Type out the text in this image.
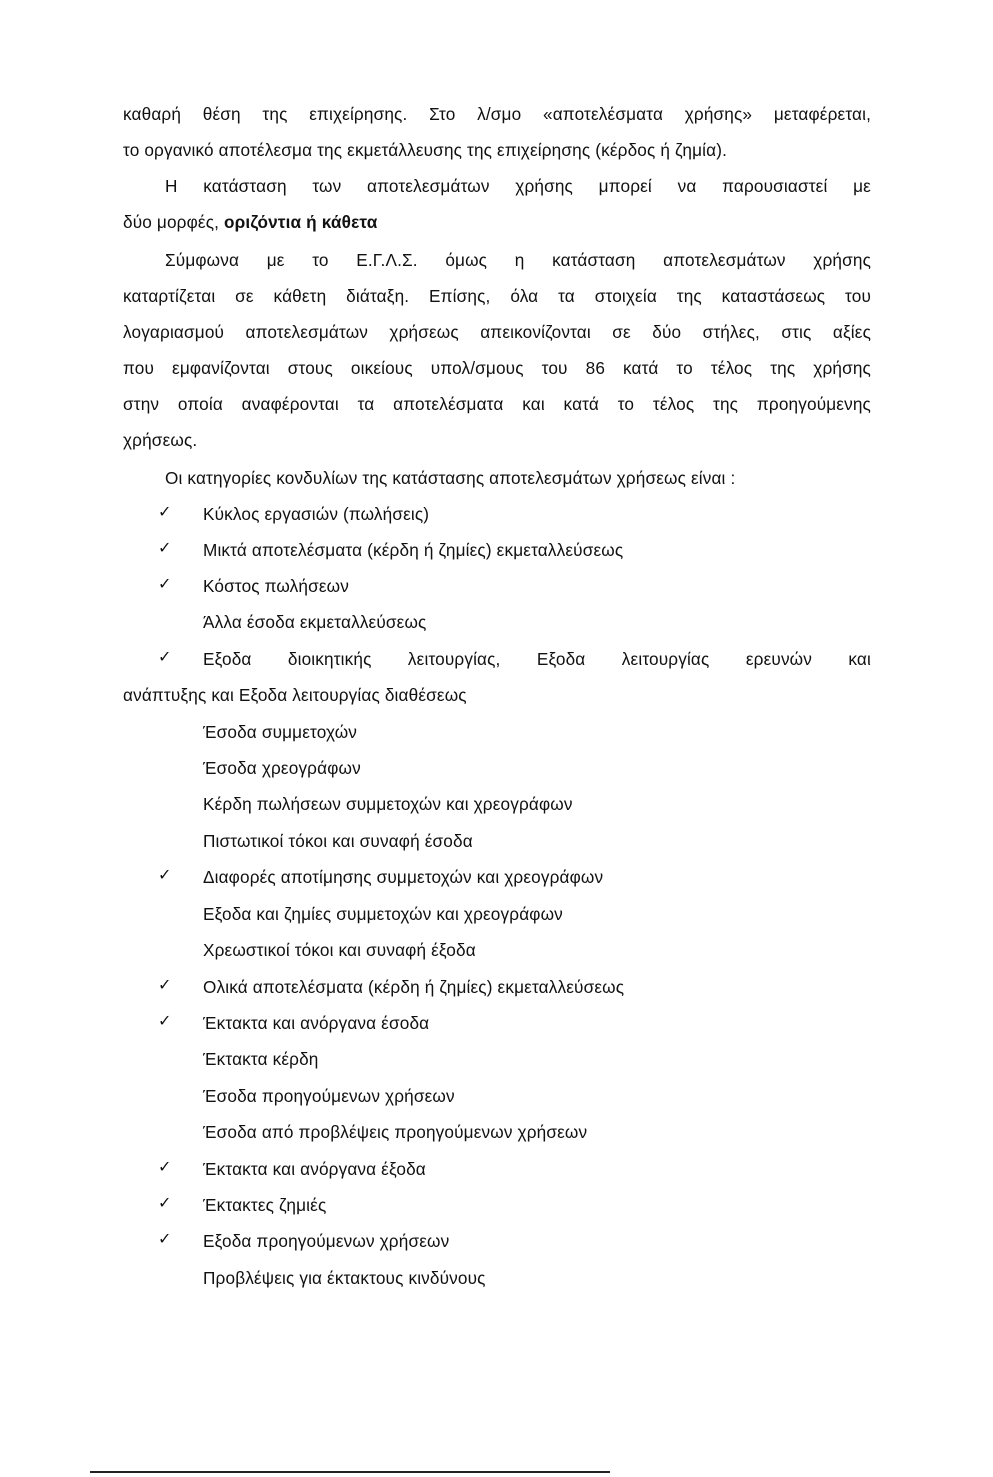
καθαρή θέση της επιχείρησης. Στο λ/σμο «αποτελέσματα χρήσης» μεταφέρεται,
το οργανικό αποτέλεσμα της εκμετάλλευσης της επιχείρησης (κέρδος ή ζημία).
Η κατάσταση των αποτελεσμάτων χρήσης μπορεί να παρουσιαστεί με
δύο μορφές, οριζόντια ή κάθετα
Σύμφωνα με το Ε.Γ.Λ.Σ. όμως η κατάσταση αποτελεσμάτων χρήσης
καταρτίζεται σε κάθετη διάταξη. Επίσης, όλα τα στοιχεία της καταστάσεως του
λογαριασμού αποτελεσμάτων χρήσεως απεικονίζονται σε δύο στήλες, στις αξίες
που εμφανίζονται στους οικείους υπολ/σμους του 86 κατά το τέλος της χρήσης
στην οποία αναφέρονται τα αποτελέσματα και κατά το τέλος της προηγούμενης
χρήσεως.
Οι κατηγορίες κονδυλίων της κατάστασης αποτελεσμάτων χρήσεως είναι :
✓	Κύκλος εργασιών (πωλήσεις)
✓	Μικτά αποτελέσματα (κέρδη ή ζημίες) εκμεταλλεύσεως
✓	Κόστος πωλήσεων
Άλλα έσοδα εκμεταλλεύσεως
✓	Εξοδα διοικητικής λειτουργίας, Εξοδα λειτουργίας ερευνών και
ανάπτυξης και Εξοδα λειτουργίας διαθέσεως
Έσοδα συμμετοχών
Έσοδα χρεογράφων
Κέρδη πωλήσεων συμμετοχών και χρεογράφων
Πιστωτικοί τόκοι και συναφή έσοδα
✓	Διαφορές αποτίμησης συμμετοχών και χρεογράφων
Εξοδα και ζημίες συμμετοχών και χρεογράφων
Χρεωστικοί τόκοι και συναφή έξοδα
✓	Ολικά αποτελέσματα (κέρδη ή ζημίες) εκμεταλλεύσεως
✓	Έκτακτα και ανόργανα έσοδα
Έκτακτα κέρδη
Έσοδα προηγούμενων χρήσεων
Έσοδα από προβλέψεις προηγούμενων χρήσεων
✓	Έκτακτα και ανόργανα έξοδα
✓	Έκτακτες ζημιές
✓	Εξοδα προηγούμενων χρήσεων
Προβλέψεις για έκτακτους κινδύνους
